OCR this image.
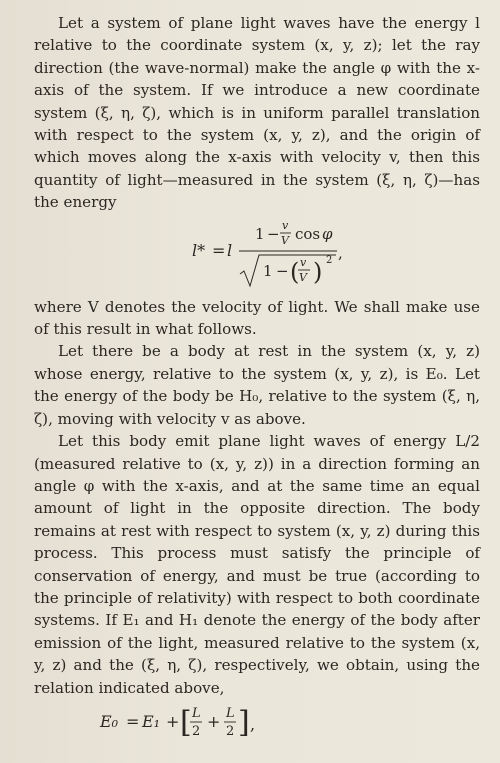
Let a system of plane light waves have the energy l relative to the coordinate system (x, y, z); let the ray direction (the wave-normal) make the angle φ with the x-axis of the system. If we introduce a new coordinate system (ξ, η, ζ), which is in uniform parallel translation with respect to the system (x, y, z), and the origin of which moves along the x-axis with velocity v, then this quantity of light—measured in the system (ξ, η, ζ)—has the energy

l* = l
1 − v
V cos φ
1 − ( v
V ) 2 ,

where V denotes the velocity of light. We shall make use of this result in what follows.

Let there be a body at rest in the system (x, y, z) whose energy, relative to the system (x, y, z), is E₀. Let the energy of the body be H₀, relative to the system (ξ, η, ζ), moving with velocity v as above.

Let this body emit plane light waves of energy L/2 (measured relative to (x, y, z)) in a direction forming an angle φ with the x-axis, and at the same time an equal amount of light in the opposite direction. The body remains at rest with respect to system (x, y, z) during this process. This process must satisfy the principle of conservation of energy, and must be true (according to the principle of relativity) with respect to both coordinate systems. If E₁ and H₁ denote the energy of the body after emission of the light, measured relative to the system (x, y, z) and the (ξ, η, ζ), respectively, we obtain, using the relation indicated above,

E₀ = E₁ + [ L
2
+ L
2 ] ,
